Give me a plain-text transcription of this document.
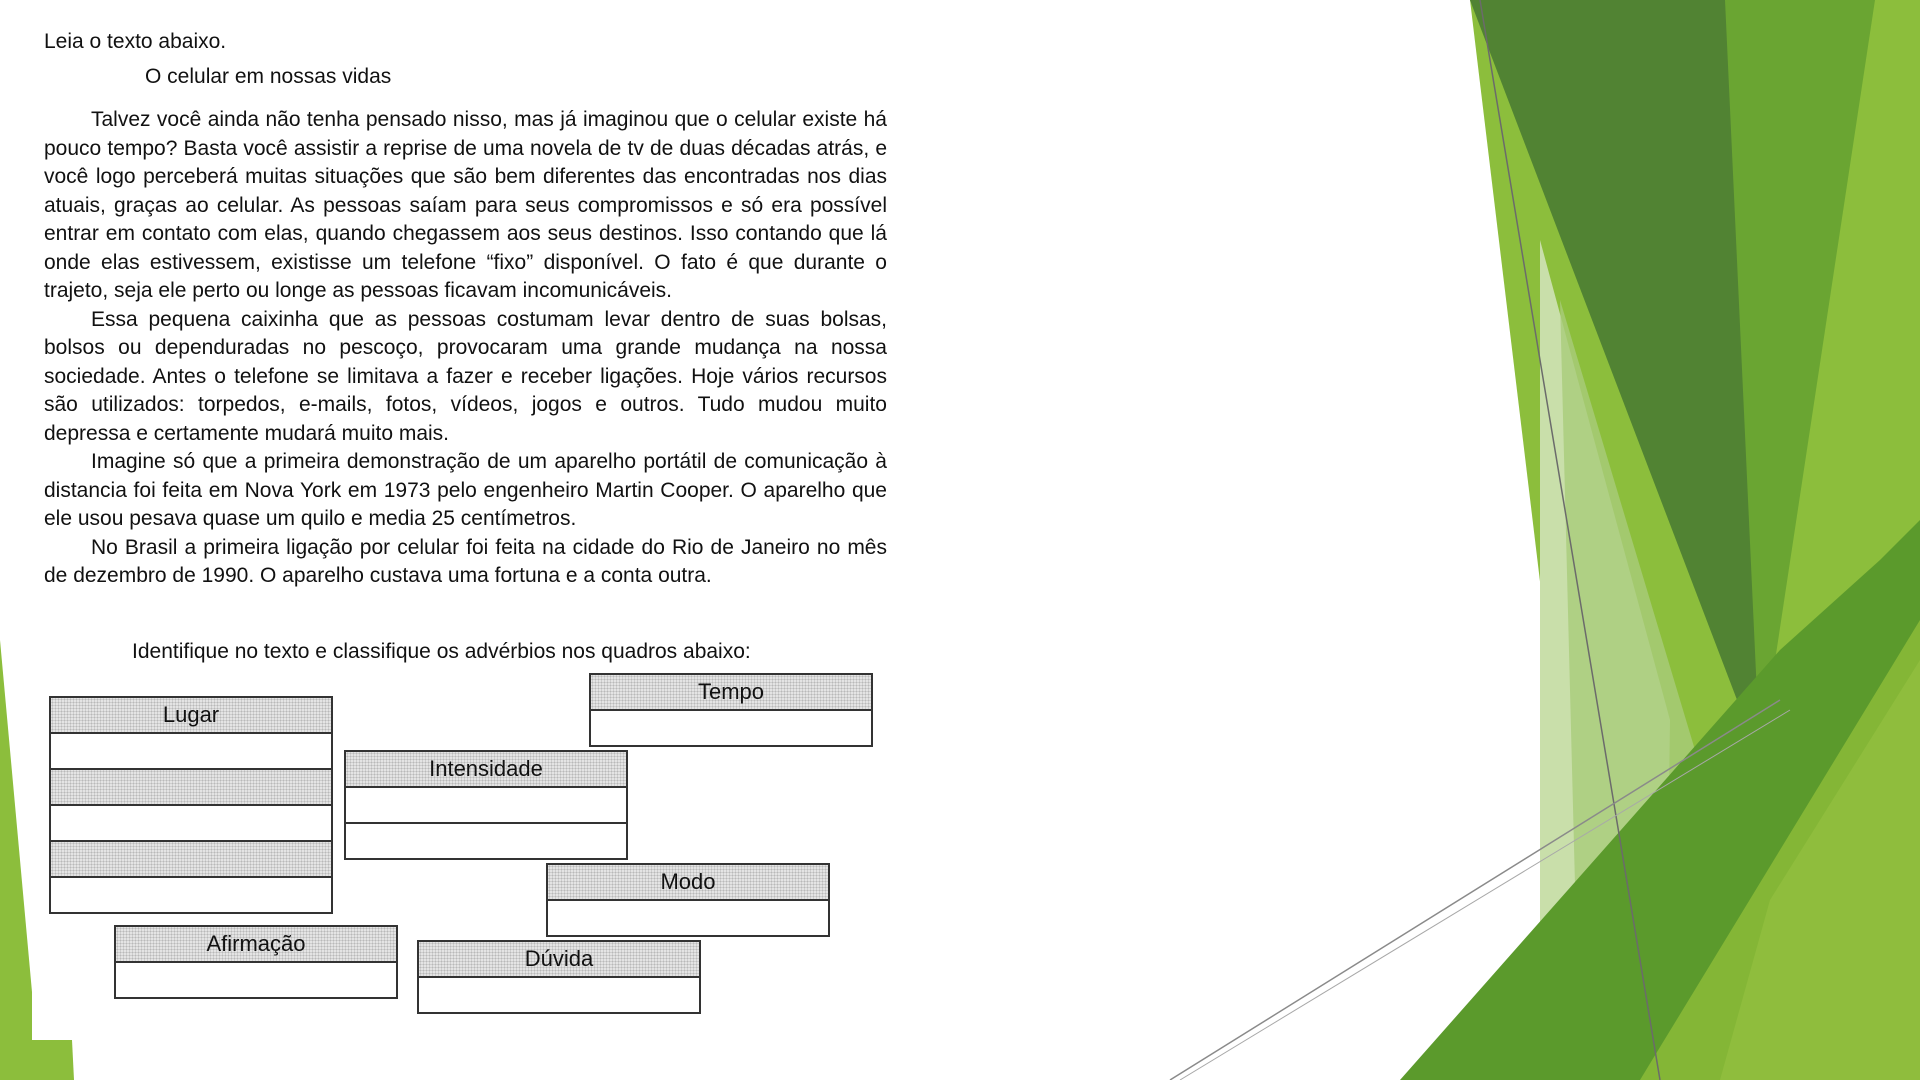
Leia o texto abaixo.

O celular em nossas vidas

Talvez você ainda não tenha pensado nisso, mas já imaginou que o celular existe há pouco tempo? Basta você assistir a reprise de uma novela de tv de duas décadas atrás, e você logo perceberá muitas situações que são bem diferentes das encontradas nos dias atuais, graças ao celular. As pessoas saíam para seus compromissos e só era possível entrar em contato com elas, quando chegassem aos seus destinos. Isso contando que lá onde elas estivessem, existisse um telefone “fixo” disponível. O fato é que durante o trajeto, seja ele perto ou longe as pessoas ficavam incomunicáveis.

Essa pequena caixinha que as pessoas costumam levar dentro de suas bolsas, bolsos ou dependuradas no pescoço, provocaram uma grande mudança na nossa sociedade. Antes o telefone se limitava a fazer e receber ligações. Hoje vários recursos são utilizados: torpedos, e-mails, fotos, vídeos, jogos e outros. Tudo mudou muito depressa e certamente mudará muito mais.

Imagine só que a primeira demonstração de um aparelho portátil de comunicação à distancia foi feita em Nova York em 1973 pelo engenheiro Martin Cooper. O aparelho que ele usou pesava quase um quilo e media 25 centímetros.

No Brasil a primeira ligação por celular foi feita na cidade do Rio de Janeiro no mês de dezembro de 1990. O aparelho custava uma fortuna e a conta outra.

Identifique no texto e classifique os advérbios nos quadros abaixo:

Tempo
Lugar
Intensidade
Modo
Afirmação
Dúvida
